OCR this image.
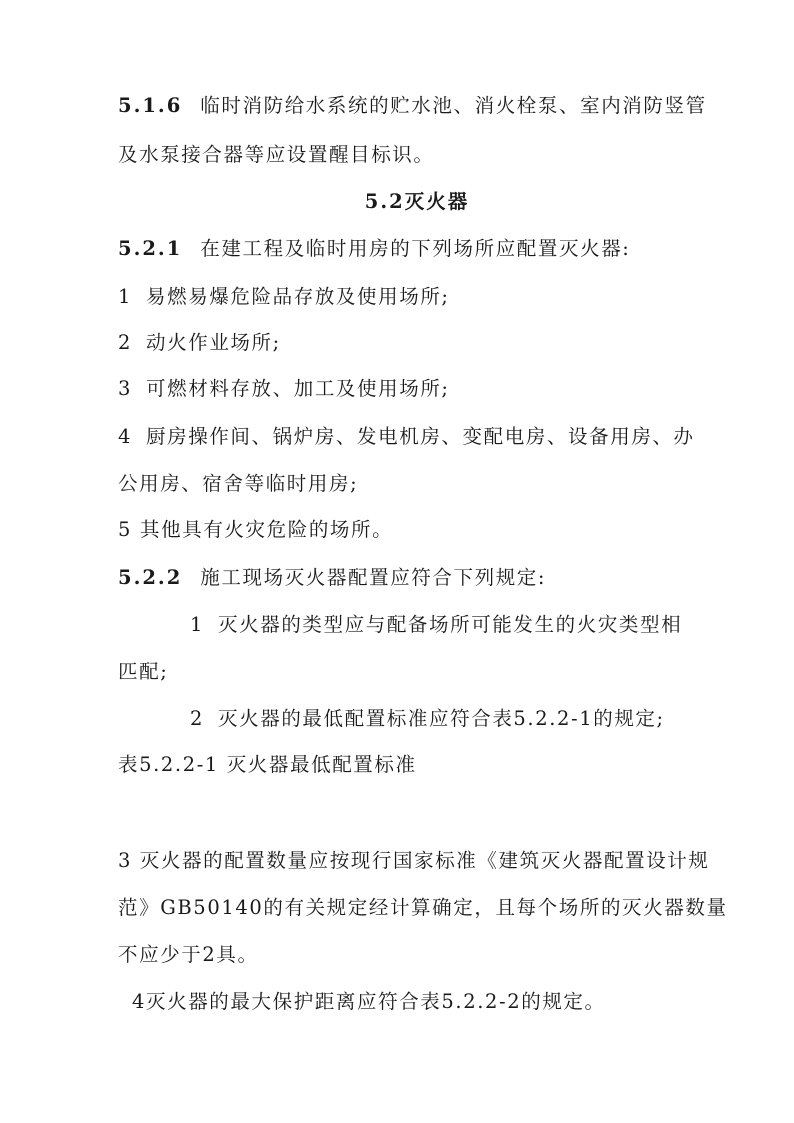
5.1.6 临时消防给水系统的贮水池、消火栓泵、室内消防竖管
及水泵接合器等应设置醒目标识。
5.2灭火器
5.2.1 在建工程及临时用房的下列场所应配置灭火器:
1 易燃易爆危险品存放及使用场所;
2 动火作业场所;
3 可燃材料存放、加工及使用场所;
4 厨房操作间、锅炉房、发电机房、变配电房、设备用房、办
公用房、宿舍等临时用房;
5 其他具有火灾危险的场所。
5.2.2 施工现场灭火器配置应符合下列规定:
1 灭火器的类型应与配备场所可能发生的火灾类型相
匹配;
2 灭火器的最低配置标准应符合表5.2.2-1的规定;
表5.2.2-1 灭火器最低配置标准
3 灭火器的配置数量应按现行国家标准《建筑灭火器配置设计规
范》GB50140的有关规定经计算确定，且每个场所的灭火器数量
不应少于2具。
4灭火器的最大保护距离应符合表5.2.2-2的规定。
